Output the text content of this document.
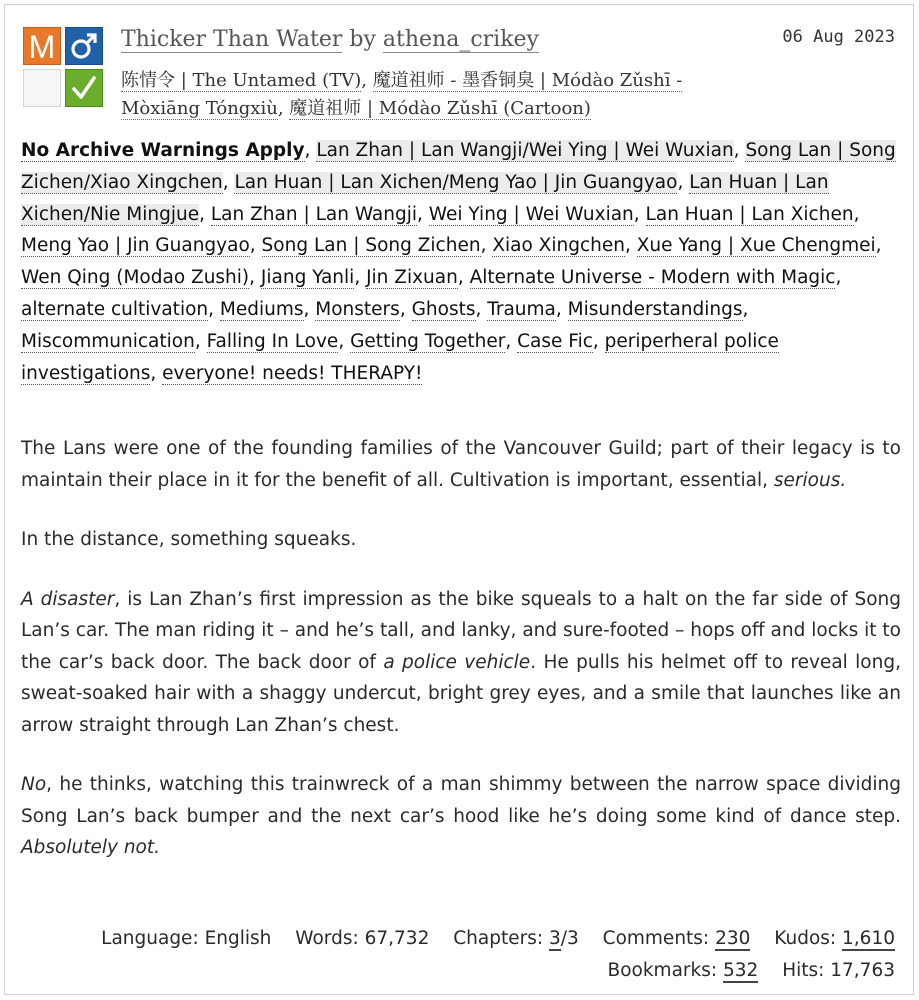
M	Thicker Than Water by athena_crikey	06 Aug 2023
陈情令 | The Untamed (TV), 魔道祖师 - 墨香铜臭 | Módào Zǔshī - Mòxiāng Tóngxiù, 魔道祖师 | Módào Zǔshī (Cartoon)
No Archive Warnings Apply, Lan Zhan | Lan Wangji/Wei Ying | Wei Wuxian, Song Lan | Song Zichen/Xiao Xingchen, Lan Huan | Lan Xichen/Meng Yao | Jin Guangyao, Lan Huan | Lan Xichen/Nie Mingjue, Lan Zhan | Lan Wangji, Wei Ying | Wei Wuxian, Lan Huan | Lan Xichen, Meng Yao | Jin Guangyao, Song Lan | Song Zichen, Xiao Xingchen, Xue Yang | Xue Chengmei, Wen Qing (Modao Zushi), Jiang Yanli, Jin Zixuan, Alternate Universe - Modern with Magic, alternate cultivation, Mediums, Monsters, Ghosts, Trauma, Misunderstandings, Miscommunication, Falling In Love, Getting Together, Case Fic, periperheral police investigations, everyone! needs! THERAPY!

The Lans were one of the founding families of the Vancouver Guild; part of their legacy is to maintain their place in it for the benefit of all. Cultivation is important, essential, serious.

In the distance, something squeaks.

A disaster, is Lan Zhan’s first impression as the bike squeals to a halt on the far side of Song Lan’s car. The man riding it – and he’s tall, and lanky, and sure-footed – hops off and locks it to the car’s back door. The back door of a police vehicle. He pulls his helmet off to reveal long, sweat-soaked hair with a shaggy undercut, bright grey eyes, and a smile that launches like an arrow straight through Lan Zhan’s chest.

No, he thinks, watching this trainwreck of a man shimmy between the narrow space dividing Song Lan’s back bumper and the next car’s hood like he’s doing some kind of dance step. Absolutely not.

Language: English Words: 67,732 Chapters: 3/3 Comments: 230 Kudos: 1,610 Bookmarks: 532 Hits: 17,763
